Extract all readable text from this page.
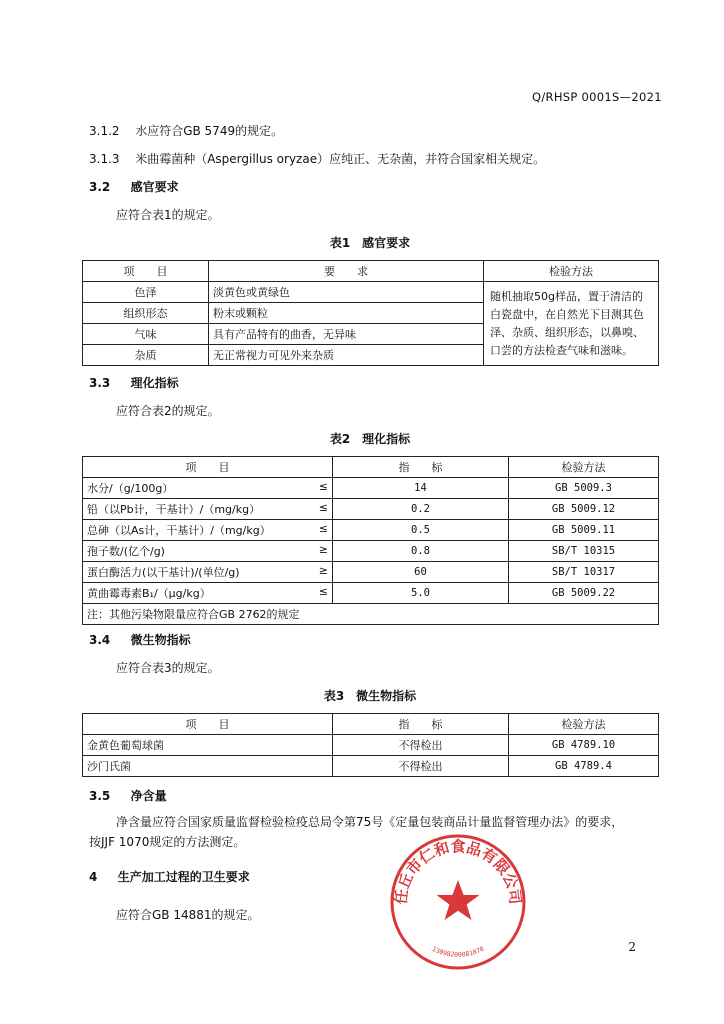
Q/RHSP 0001S—2021
3.1.2 水应符合GB 5749的规定。
3.1.3 米曲霉菌种（Aspergillus oryzae）应纯正、无杂菌，并符合国家相关规定。
3.2 感官要求
应符合表1的规定。
表1　感官要求
项　　目	要　　求	检验方法
色泽	淡黄色或黄绿色	随机抽取50g样品，置于清洁的白瓷盘中，在自然光下目测其色泽、杂质、组织形态，以鼻嗅、口尝的方法检查气味和滋味。
组织形态	粉末或颗粒	
气味	具有产品特有的曲香，无异味	
杂质	无正常视力可见外来杂质	
3.3 理化指标
应符合表2的规定。
表2　理化指标
项　　目	指　　标	检验方法
水分/（g/100g） ≤	14	GB 5009.3
铅（以Pb计，干基计）/（mg/kg） ≤	0.2	GB 5009.12
总砷（以As计，干基计）/（mg/kg） ≤	0.5	GB 5009.11
孢子数/(亿个/g) ≥	0.8	SB/T 10315
蛋白酶活力(以干基计)/(单位/g) ≥	60	SB/T 10317
黄曲霉毒素B₁/（μg/kg） ≤	5.0	GB 5009.22
注：其他污染物限量应符合GB 2762的规定		
3.4 微生物指标
应符合表3的规定。
表3　微生物指标
项　　目	指　　标	检验方法
金黄色葡萄球菌	不得检出	GB 4789.10
沙门氏菌	不得检出	GB 4789.4
3.5 净含量
净含量应符合国家质量监督检验检疫总局令第75号《定量包装商品计量监督管理办法》的要求，
按JJF 1070规定的方法测定。
4 生产加工过程的卫生要求
应符合GB 14881的规定。
任丘市仁和食品有限公司
13098200081070	2
